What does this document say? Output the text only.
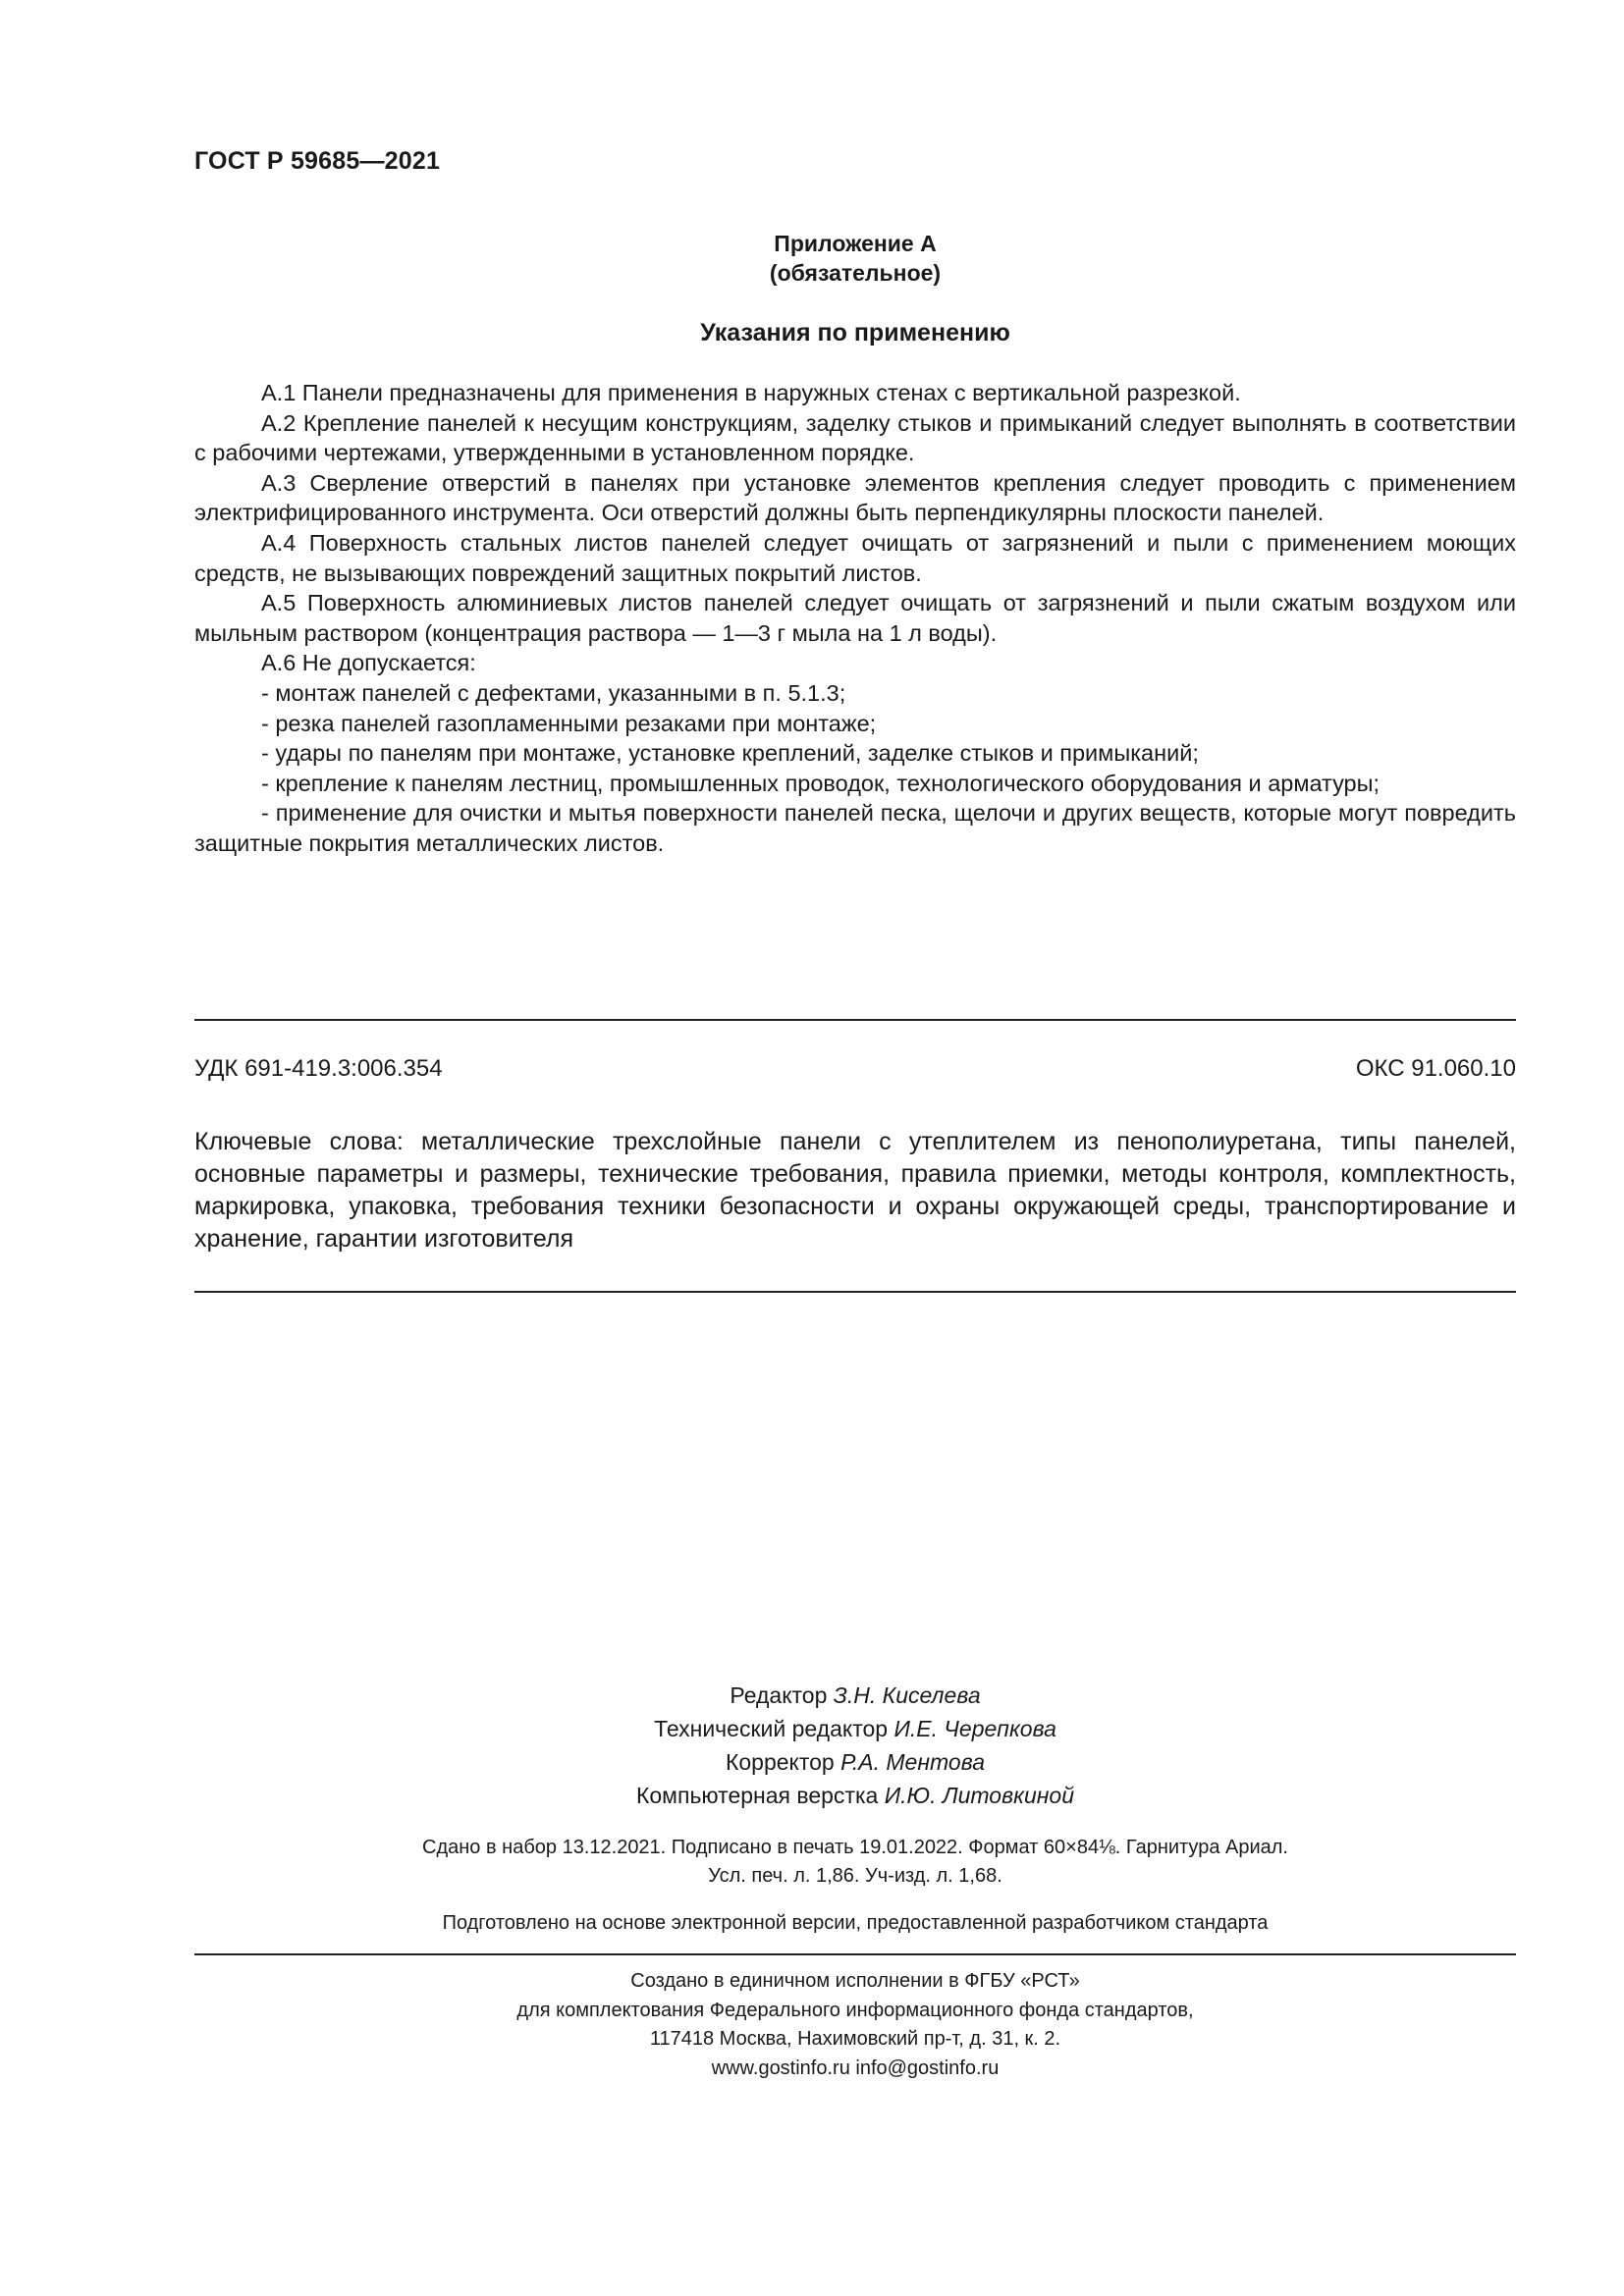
ГОСТ Р 59685—2021
Приложение А
(обязательное)
Указания по применению

А.1 Панели предназначены для применения в наружных стенах с вертикальной разрезкой.

А.2 Крепление панелей к несущим конструкциям, заделку стыков и примыканий следует выполнять в соответствии с рабочими чертежами, утвержденными в установленном порядке.

А.3 Сверление отверстий в панелях при установке элементов крепления следует проводить с применением электрифицированного инструмента. Оси отверстий должны быть перпендикулярны плоскости панелей.

А.4 Поверхность стальных листов панелей следует очищать от загрязнений и пыли с применением моющих средств, не вызывающих повреждений защитных покрытий листов.

А.5 Поверхность алюминиевых листов панелей следует очищать от загрязнений и пыли сжатым воздухом или мыльным раствором (концентрация раствора — 1—3 г мыла на 1 л воды).

А.6 Не допускается:

- монтаж панелей с дефектами, указанными в п. 5.1.3;

- резка панелей газопламенными резаками при монтаже;

- удары по панелям при монтаже, установке креплений, заделке стыков и примыканий;

- крепление к панелям лестниц, промышленных проводок, технологического оборудования и арматуры;

- применение для очистки и мытья поверхности панелей песка, щелочи и других веществ, которые могут повредить защитные покрытия металлических листов.

УДК 691-419.3:006.354	ОКС 91.060.10
Ключевые слова: металлические трехслойные панели с утеплителем из пенополиуретана, типы панелей, основные параметры и размеры, технические требования, правила приемки, методы контроля, комплектность, маркировка, упаковка, требования техники безопасности и охраны окружающей среды, транспортирование и хранение, гарантии изготовителя
Редактор З.Н. Киселева
Технический редактор И.Е. Черепкова
Корректор Р.А. Ментова
Компьютерная верстка И.Ю. Литовкиной
Сдано в набор 13.12.2021. Подписано в печать 19.01.2022. Формат 60×84⅛. Гарнитура Ариал.
Усл. печ. л. 1,86. Уч-изд. л. 1,68.
Подготовлено на основе электронной версии, предоставленной разработчиком стандарта
Создано в единичном исполнении в ФГБУ «РСТ»
для комплектования Федерального информационного фонда стандартов,
117418 Москва, Нахимовский пр-т, д. 31, к. 2.
www.gostinfo.ru info@gostinfo.ru
